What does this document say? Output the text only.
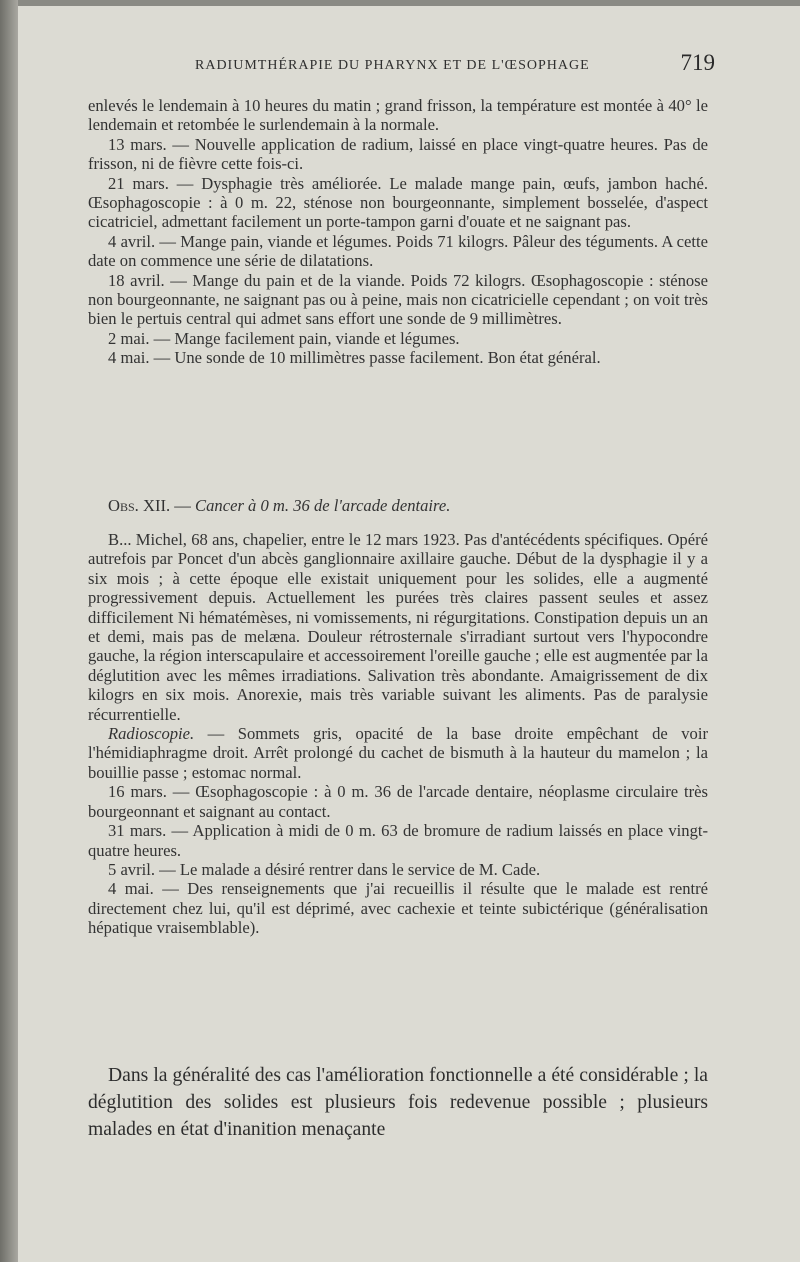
RADIUMTHÉRAPIE DU PHARYNX ET DE L'ŒSOPHAGE	719

enlevés le lendemain à 10 heures du matin ; grand frisson, la température est montée à 40° le lendemain et retombée le surlendemain à la normale.

13 mars. — Nouvelle application de radium, laissé en place vingt-quatre heures. Pas de frisson, ni de fièvre cette fois-ci.

21 mars. — Dysphagie très améliorée. Le malade mange pain, œufs, jambon haché. Œsophagoscopie : à 0 m. 22, sténose non bourgeonnante, simplement bosselée, d'aspect cicatriciel, admettant facilement un porte-tampon garni d'ouate et ne saignant pas.

4 avril. — Mange pain, viande et légumes. Poids 71 kilogrs. Pâleur des téguments. A cette date on commence une série de dilatations.

18 avril. — Mange du pain et de la viande. Poids 72 kilogrs. Œsophagoscopie : sténose non bourgeonnante, ne saignant pas ou à peine, mais non cicatricielle cependant ; on voit très bien le pertuis central qui admet sans effort une sonde de 9 millimètres.

2 mai. — Mange facilement pain, viande et légumes.

4 mai. — Une sonde de 10 millimètres passe facilement. Bon état général.

Obs. XII. — Cancer à 0 m. 36 de l'arcade dentaire.

B... Michel, 68 ans, chapelier, entre le 12 mars 1923. Pas d'antécédents spécifiques. Opéré autrefois par Poncet d'un abcès ganglionnaire axillaire gauche. Début de la dysphagie il y a six mois ; à cette époque elle existait uniquement pour les solides, elle a augmenté progressivement depuis. Actuellement les purées très claires passent seules et assez difficilement Ni hématémèses, ni vomissements, ni régurgitations. Constipation depuis un an et demi, mais pas de melæna. Douleur rétrosternale s'irradiant surtout vers l'hypocondre gauche, la région interscapulaire et accessoirement l'oreille gauche ; elle est augmentée par la déglutition avec les mêmes irradiations. Salivation très abondante. Amaigrissement de dix kilogrs en six mois. Anorexie, mais très variable suivant les aliments. Pas de paralysie récurrentielle.

Radioscopie. — Sommets gris, opacité de la base droite empêchant de voir l'hémidiaphragme droit. Arrêt prolongé du cachet de bismuth à la hauteur du mamelon ; la bouillie passe ; estomac normal.

16 mars. — Œsophagoscopie : à 0 m. 36 de l'arcade dentaire, néoplasme circulaire très bourgeonnant et saignant au contact.

31 mars. — Application à midi de 0 m. 63 de bromure de radium laissés en place vingt-quatre heures.

5 avril. — Le malade a désiré rentrer dans le service de M. Cade.

4 mai. — Des renseignements que j'ai recueillis il résulte que le malade est rentré directement chez lui, qu'il est déprimé, avec cachexie et teinte subictérique (généralisation hépatique vraisemblable).

Dans la généralité des cas l'amélioration fonctionnelle a été considérable ; la déglutition des solides est plusieurs fois redevenue possible ; plusieurs malades en état d'inanition menaçante
